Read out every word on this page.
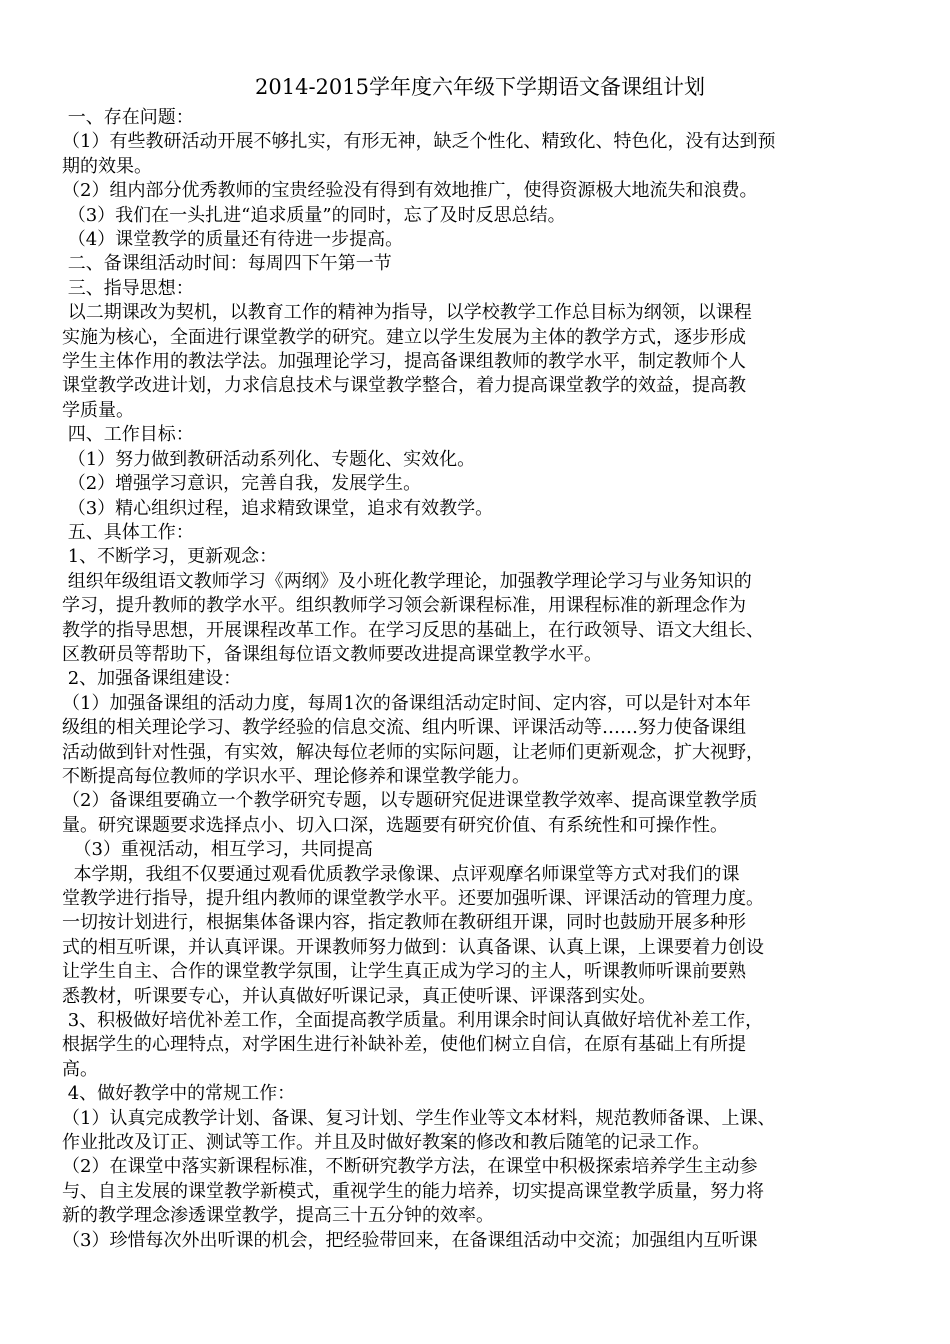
2014-2015学年度六年级下学期语文备课组计划
一、存在问题：
（1）有些教研活动开展不够扎实，有形无神，缺乏个性化、精致化、特色化，没有达到预
期的效果。
（2）组内部分优秀教师的宝贵经验没有得到有效地推广，使得资源极大地流失和浪费。
（3）我们在一头扎进“追求质量”的同时，忘了及时反思总结。
（4）课堂教学的质量还有待进一步提高。
二、备课组活动时间：每周四下午第一节
三、指导思想：
以二期课改为契机，以教育工作的精神为指导，以学校教学工作总目标为纲领，以课程
实施为核心，全面进行课堂教学的研究。建立以学生发展为主体的教学方式，逐步形成
学生主体作用的教法学法。加强理论学习，提高备课组教师的教学水平，制定教师个人
课堂教学改进计划，力求信息技术与课堂教学整合，着力提高课堂教学的效益，提高教
学质量。
四、工作目标：
（1）努力做到教研活动系列化、专题化、实效化。
（2）增强学习意识，完善自我，发展学生。
（3）精心组织过程，追求精致课堂，追求有效教学。
五、具体工作：
1、不断学习，更新观念：
组织年级组语文教师学习《两纲》及小班化教学理论，加强教学理论学习与业务知识的
学习，提升教师的教学水平。组织教师学习领会新课程标准，用课程标准的新理念作为
教学的指导思想，开展课程改革工作。在学习反思的基础上，在行政领导、语文大组长、
区教研员等帮助下，备课组每位语文教师要改进提高课堂教学水平。
2、加强备课组建设：
（1）加强备课组的活动力度，每周1次的备课组活动定时间、定内容，可以是针对本年
级组的相关理论学习、教学经验的信息交流、组内听课、评课活动等……努力使备课组
活动做到针对性强，有实效，解决每位老师的实际问题，让老师们更新观念，扩大视野，
不断提高每位教师的学识水平、理论修养和课堂教学能力。
（2）备课组要确立一个教学研究专题，以专题研究促进课堂教学效率、提高课堂教学质
量。研究课题要求选择点小、切入口深，选题要有研究价值、有系统性和可操作性。
（3）重视活动，相互学习，共同提高
本学期，我组不仅要通过观看优质教学录像课、点评观摩名师课堂等方式对我们的课
堂教学进行指导，提升组内教师的课堂教学水平。还要加强听课、评课活动的管理力度。
一切按计划进行，根据集体备课内容，指定教师在教研组开课，同时也鼓励开展多种形
式的相互听课，并认真评课。开课教师努力做到：认真备课、认真上课，上课要着力创设
让学生自主、合作的课堂教学氛围，让学生真正成为学习的主人，听课教师听课前要熟
悉教材，听课要专心，并认真做好听课记录，真正使听课、评课落到实处。
3、积极做好培优补差工作，全面提高教学质量。利用课余时间认真做好培优补差工作，
根据学生的心理特点，对学困生进行补缺补差，使他们树立自信，在原有基础上有所提
高。
4、做好教学中的常规工作：
（1）认真完成教学计划、备课、复习计划、学生作业等文本材料，规范教师备课、上课、
作业批改及订正、测试等工作。并且及时做好教案的修改和教后随笔的记录工作。
（2）在课堂中落实新课程标准，不断研究教学方法，在课堂中积极探索培养学生主动参
与、自主发展的课堂教学新模式，重视学生的能力培养，切实提高课堂教学质量，努力将
新的教学理念渗透课堂教学，提高三十五分钟的效率。
（3）珍惜每次外出听课的机会，把经验带回来，在备课组活动中交流；加强组内互听课
